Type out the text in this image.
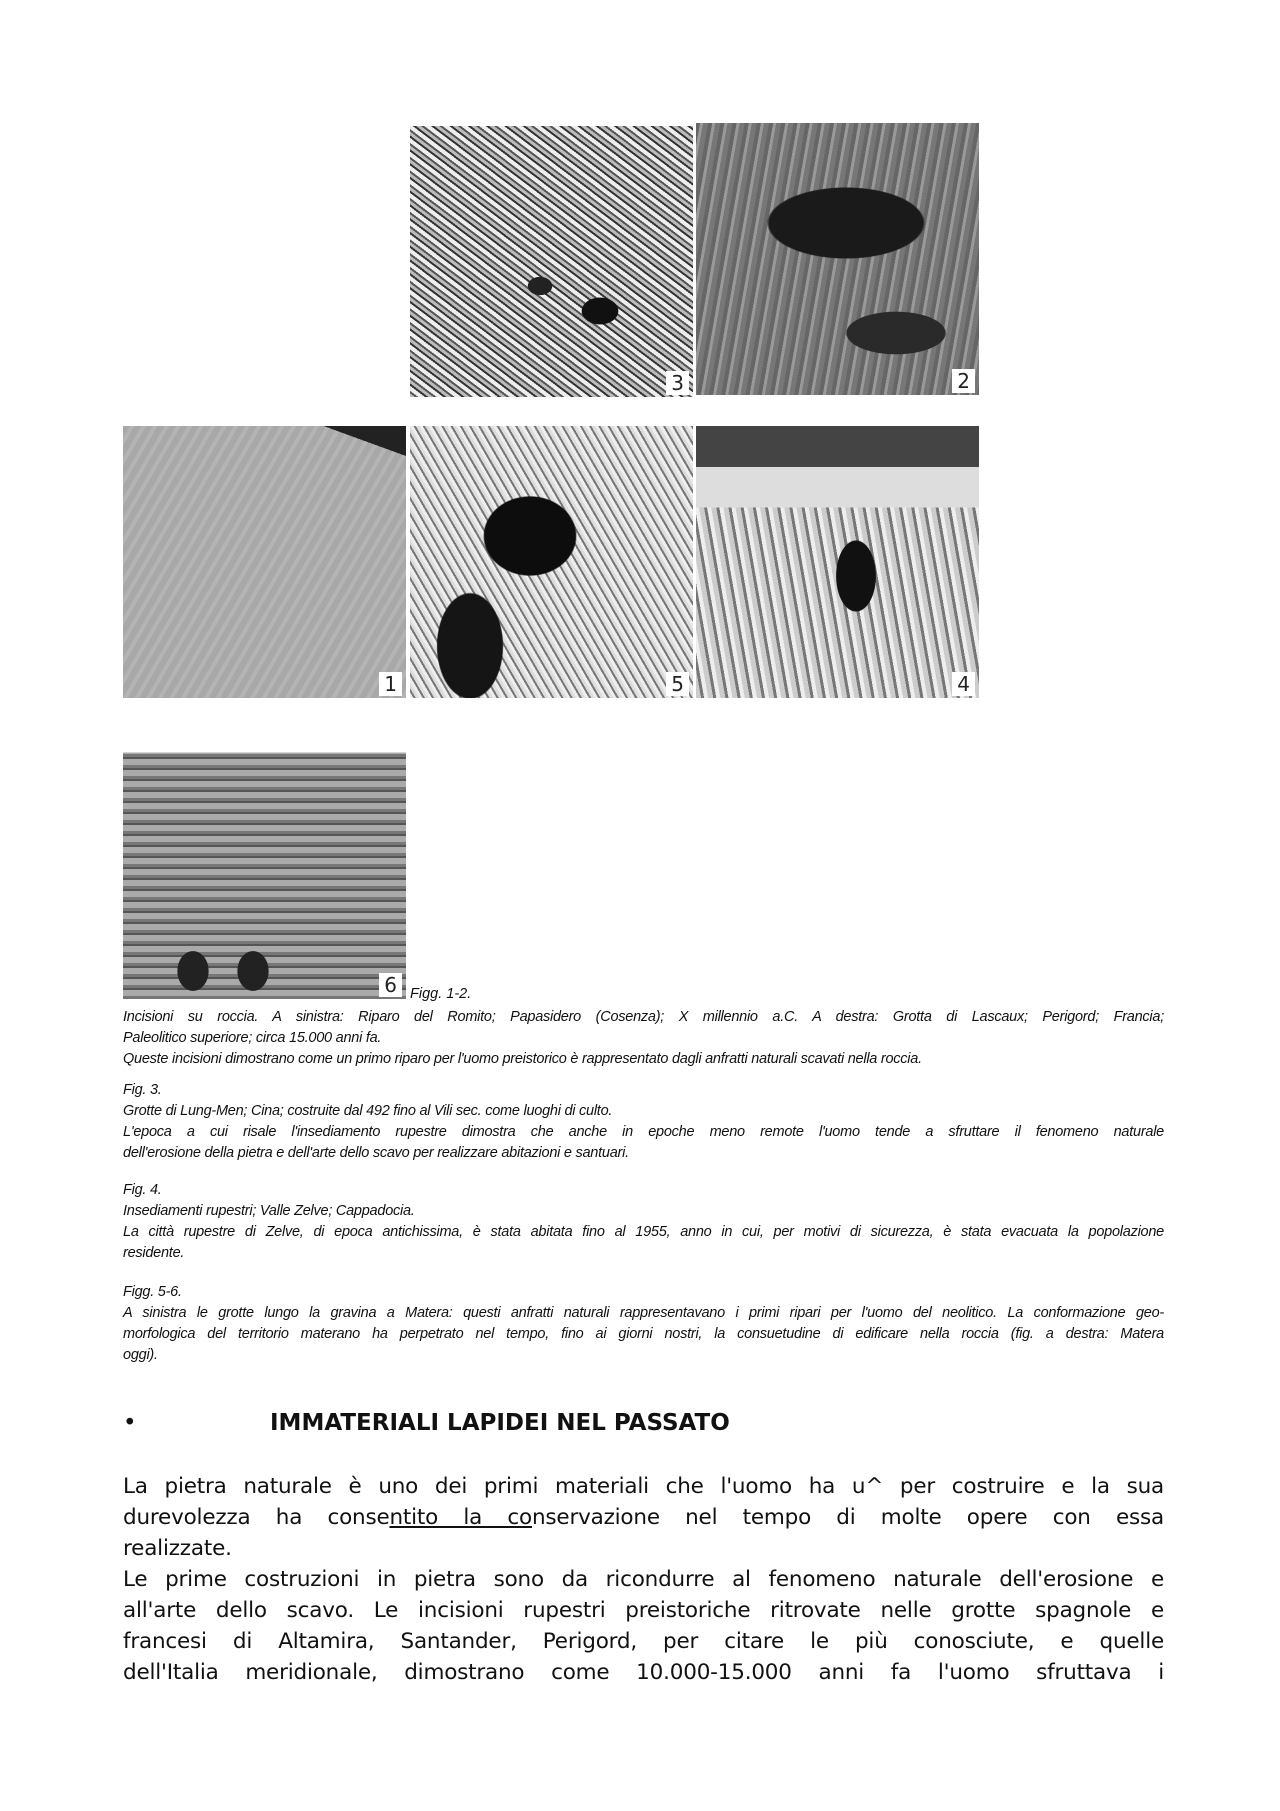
3	2
1	5	4
6 Figg. 1-2.
Incisioni su roccia. A sinistra: Riparo del Romito; Papasidero (Cosenza); X millennio a.C. A destra: Grotta di Lascaux; Perigord; Francia;
Paleolitico superiore; circa 15.000 anni fa.
Queste incisioni dimostrano come un primo riparo per l'uomo preistorico è rappresentato dagli anfratti naturali scavati nella roccia.
Fig. 3.
Grotte di Lung-Men; Cina; costruite dal 492 fino al Vili sec. come luoghi di culto.
L'epoca a cui risale l'insediamento rupestre dimostra che anche in epoche meno remote l'uomo tende a sfruttare il fenomeno naturale
dell'erosione della pietra e dell'arte dello scavo per realizzare abitazioni e santuari.
Fig. 4.
Insediamenti rupestri; Valle Zelve; Cappadocia.
La città rupestre di Zelve, di epoca antichissima, è stata abitata fino al 1955, anno in cui, per motivi di sicurezza, è stata evacuata la popolazione
residente.
Figg. 5-6.
A sinistra le grotte lungo la gravina a Matera: questi anfratti naturali rappresentavano i primi ripari per l'uomo del neolitico. La conformazione geo-
morfologica del territorio materano ha perpetrato nel tempo, fino ai giorni nostri, la consuetudine di edificare nella roccia (fig. a destra: Matera
oggi).
•	IMMATERIALI LAPIDEI NEL PASSATO
La pietra naturale è uno dei primi materiali che l'uomo ha u^ per costruire e la sua
durevolezza ha consentito la conservazione nel tempo di molte opere con essa
realizzate.
Le prime costruzioni in pietra sono da ricondurre al fenomeno naturale dell'erosione e
all'arte dello scavo. Le incisioni rupestri preistoriche ritrovate nelle grotte spagnole e
francesi di Altamira, Santander, Perigord, per citare le più conosciute, e quelle
dell'Italia meridionale, dimostrano come 10.000-15.000 anni fa l'uomo sfruttava i
